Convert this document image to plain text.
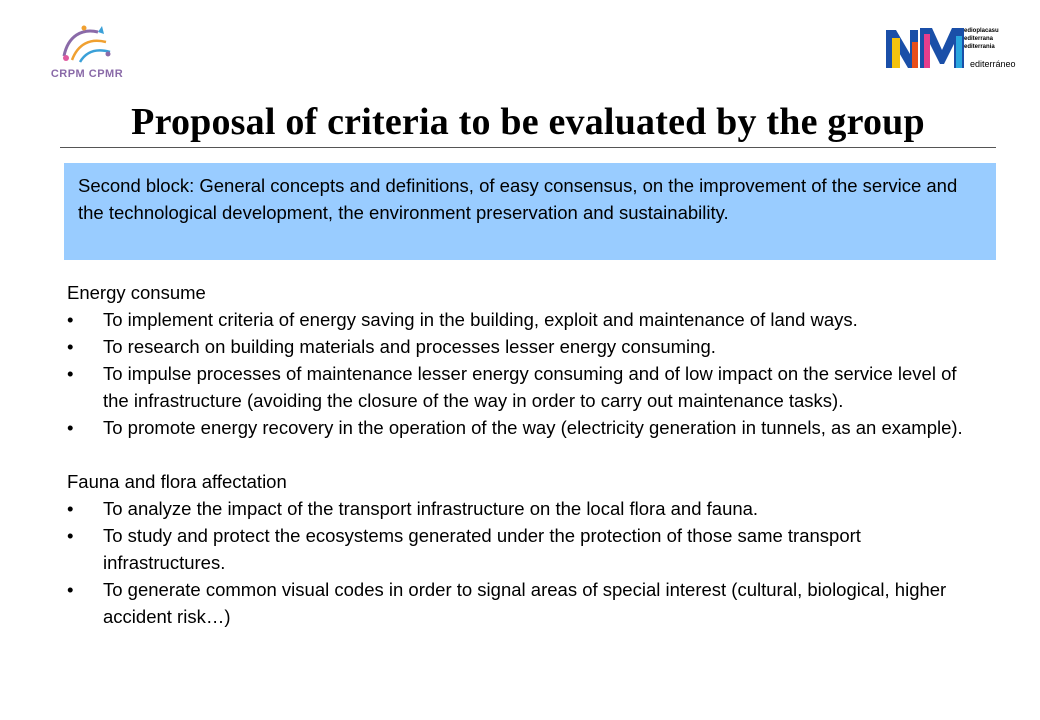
CRPM CPMR
edioplacasu
editerrana
editerrania
editerráneo
Proposal of criteria to be evaluated by the group

Second block: General concepts and definitions, of easy consensus, on the improvement of the service and the technological development, the environment preservation and sustainability.

Energy consume

• To implement criteria of energy saving in the building, exploit and maintenance of land ways.
• To research on building materials and processes lesser energy consuming.
• To impulse processes of maintenance lesser energy consuming and of low impact on the service level of the infrastructure (avoiding the closure of the way in order to carry out maintenance tasks).
• To promote energy recovery in the operation of the way (electricity generation in tunnels, as an example).

Fauna and flora affectation

• To analyze the impact of the transport infrastructure on the local flora and fauna.
• To study and protect the ecosystems generated under the protection of those same transport infrastructures.
• To generate common visual codes in order to signal areas of special interest (cultural, biological, higher accident risk…)
